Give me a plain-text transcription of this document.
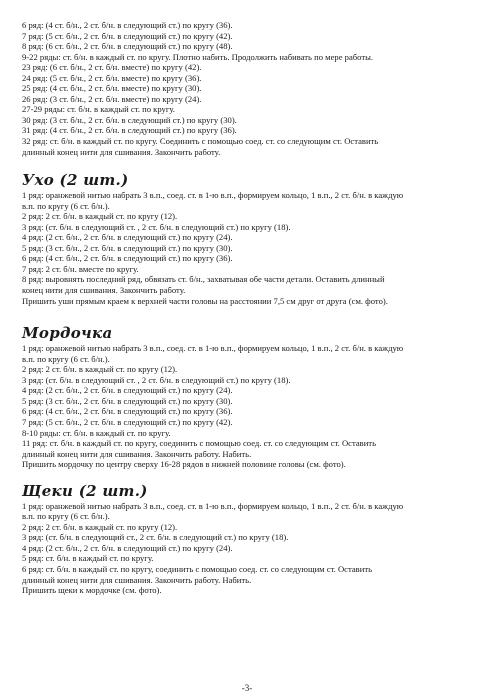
6 ряд: (4 ст. б/н., 2 ст. б/н. в следующий ст.) по кругу (36).

7 ряд: (5 ст. б/н., 2 ст. б/н. в следующий ст.) по кругу (42).

8 ряд: (6 ст. б/н., 2 ст. б/н. в следующий ст.) по кругу (48).

9-22 ряды: ст. б/н. в каждый ст. по кругу. Плотно набить. Продолжить набивать по мере работы.

23 ряд: (6 ст. б/н., 2 ст. б/н. вместе) по кругу (42).

24 ряд: (5 ст. б/н., 2 ст. б/н. вместе) по кругу (36).

25 ряд: (4 ст. б/н., 2 ст. б/н. вместе) по кругу (30).

26 ряд: (3 ст. б/н., 2 ст. б/н. вместе) по кругу (24).

27-29 ряды: ст. б/н. в каждый ст. по кругу.

30 ряд: (3 ст. б/н., 2 ст. б/н. в следующий ст.) по кругу (30).

31 ряд: (4 ст. б/н., 2 ст. б/н. в следующий ст.) по кругу (36).

32 ряд: ст. б/н. в каждый ст. по кругу. Соединить с помощью соед. ст. со следующим ст. Оставить

длинный конец нити для сшивания. Закончить работу.

Ухо (2 шт.)

1 ряд: оранжевой нитью набрать 3 в.п., соед. ст. в 1-ю в.п., формируем кольцо, 1 в.п., 2 ст. б/н. в каждую

в.п. по кругу (6 ст. б/н.).

2 ряд: 2 ст. б/н. в каждый ст. по кругу (12).

3 ряд: (ст. б/н. в следующий ст. , 2 ст. б/н. в следующий ст.) по кругу (18).

4 ряд: (2 ст. б/н., 2 ст. б/н. в следующий ст.) по кругу (24).

5 ряд: (3 ст. б/н., 2 ст. б/н. в следующий ст.) по кругу (30).

6 ряд: (4 ст. б/н., 2 ст. б/н. в следующий ст.) по кругу (36).

7 ряд: 2 ст. б/н. вместе по кругу.

8 ряд: выровнять последний ряд, обвязать ст. б/н., захватывая обе части детали. Оставить длинный

конец нити для сшивания. Закончить работу.

Пришить уши прямым краем к верхней части головы на расстоянии 7,5 см друг от друга (см. фото).

Мордочка

1 ряд: оранжевой нитью набрать 3 в.п., соед. ст. в 1-ю в.п., формируем кольцо, 1 в.п., 2 ст. б/н. в каждую

в.п. по кругу (6 ст. б/н.).

2 ряд: 2 ст. б/н. в каждый ст. по кругу (12).

3 ряд: (ст. б/н. в следующий ст. , 2 ст. б/н. в следующий ст.) по кругу (18).

4 ряд: (2 ст. б/н., 2 ст. б/н. в следующий ст.) по кругу (24).

5 ряд: (3 ст. б/н., 2 ст. б/н. в следующий ст.) по кругу (30).

6 ряд: (4 ст. б/н., 2 ст. б/н. в следующий ст.) по кругу (36).

7 ряд: (5 ст. б/н., 2 ст. б/н. в следующий ст.) по кругу (42).

8-10 ряды: ст. б/н. в каждый ст. по кругу.

11 ряд: ст. б/н. в каждый ст. по кругу, соединить с помощью соед. ст. со следующим ст. Оставить

длинный конец нити для сшивания. Закончить работу. Набить.

Пришить мордочку по центру сверху 16-28 рядов в нижней половине головы (см. фото).

Щеки (2 шт.)

1 ряд: оранжевой нитью набрать 3 в.п., соед. ст. в 1-ю в.п., формируем кольцо, 1 в.п., 2 ст. б/н. в каждую

в.п. по кругу (6 ст. б/н.).

2 ряд: 2 ст. б/н. в каждый ст. по кругу (12).

3 ряд: (ст. б/н. в следующий ст., 2 ст. б/н. в следующий ст.) по кругу (18).

4 ряд: (2 ст. б/н., 2 ст. б/н. в следующий ст.) по кругу (24).

5 ряд: ст. б/н. в каждый ст. по кругу.

6 ряд: ст. б/н. в каждый ст. по кругу, соединить с помощью соед. ст. со следующим ст. Оставить

длинный конец нити для сшивания. Закончить работу. Набить.

Пришить щеки к мордочке (см. фото).

-3-
